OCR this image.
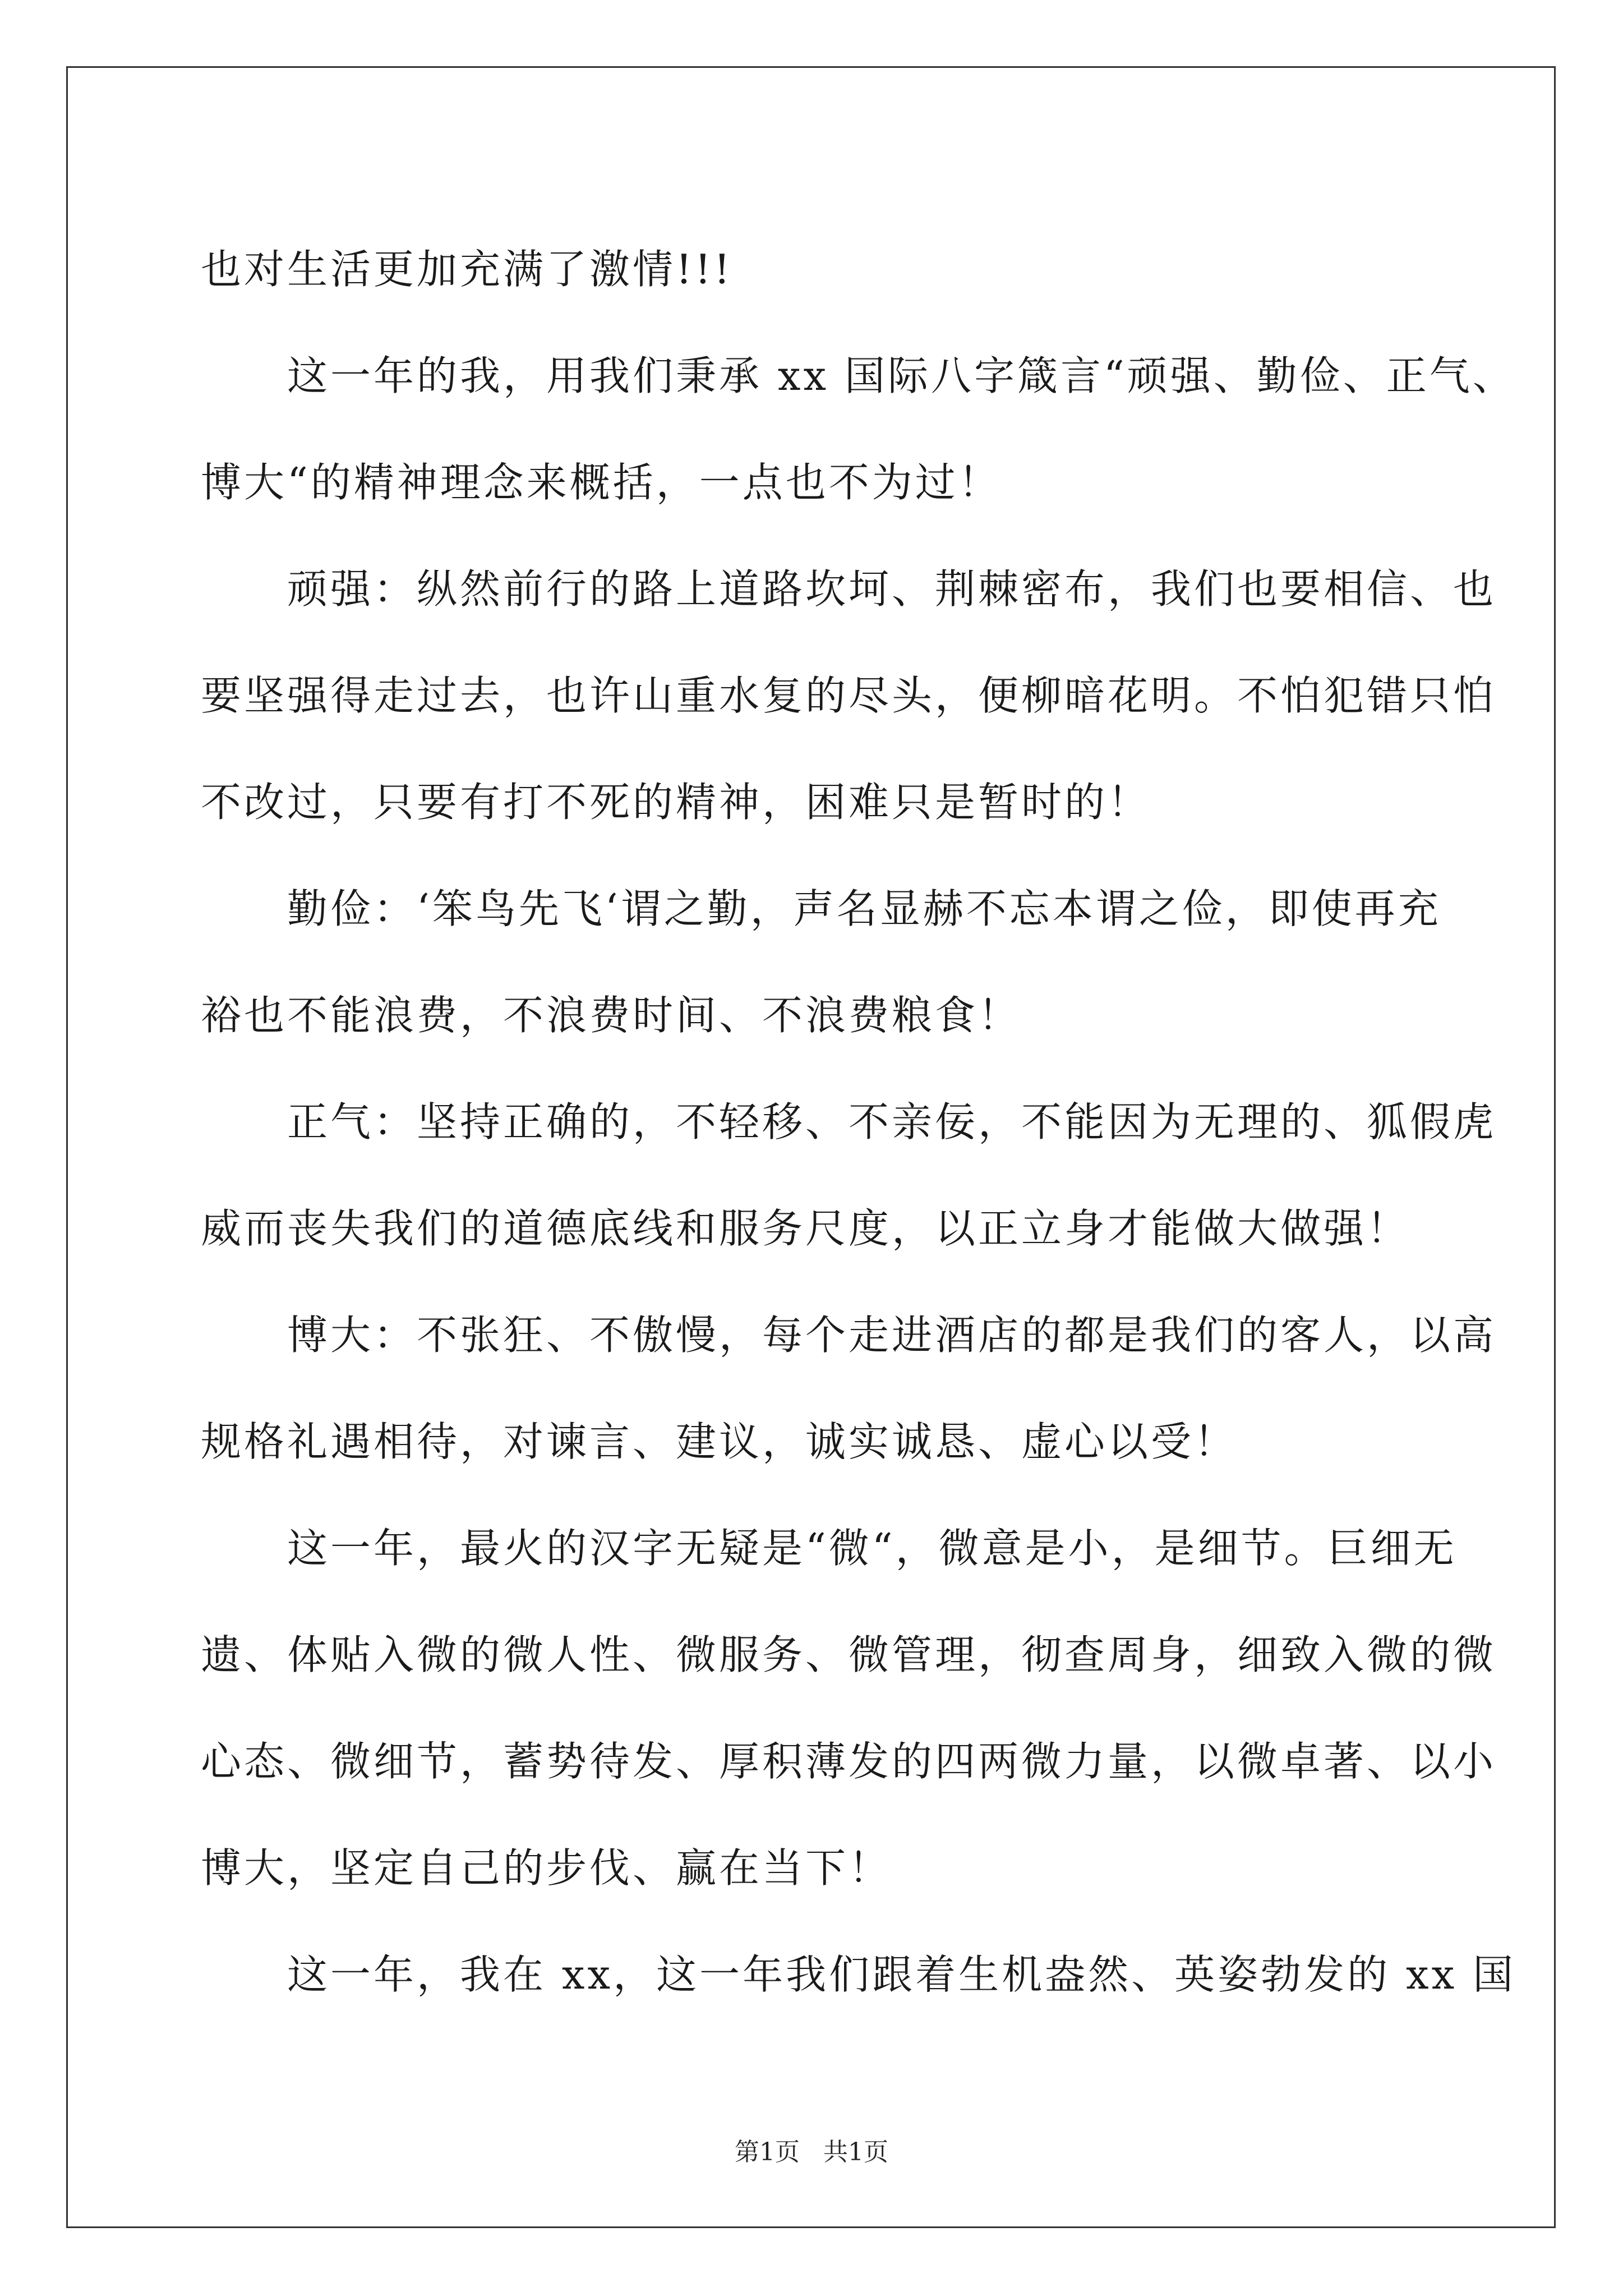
也对生活更加充满了激情!!!

　　这一年的我，用我们秉承 xx 国际八字箴言“顽强、勤俭、正气、

博大“的精神理念来概括，一点也不为过！

　　顽强：纵然前行的路上道路坎坷、荆棘密布，我们也要相信、也

要坚强得走过去，也许山重水复的尽头，便柳暗花明。不怕犯错只怕

不改过，只要有打不死的精神，困难只是暂时的！

　　勤俭：‘笨鸟先飞‘谓之勤，声名显赫不忘本谓之俭，即使再充

裕也不能浪费，不浪费时间、不浪费粮食！

　　正气：坚持正确的，不轻移、不亲佞，不能因为无理的、狐假虎

威而丧失我们的道德底线和服务尺度，以正立身才能做大做强！

　　博大：不张狂、不傲慢，每个走进酒店的都是我们的客人，以高

规格礼遇相待，对谏言、建议，诚实诚恳、虚心以受！

　　这一年，最火的汉字无疑是“微“，微意是小，是细节。巨细无

遗、体贴入微的微人性、微服务、微管理，彻查周身，细致入微的微

心态、微细节，蓄势待发、厚积薄发的四两微力量，以微卓著、以小

博大，坚定自己的步伐、赢在当下！

　　这一年，我在 xx，这一年我们跟着生机盎然、英姿勃发的 xx 国

第1页 共1页
